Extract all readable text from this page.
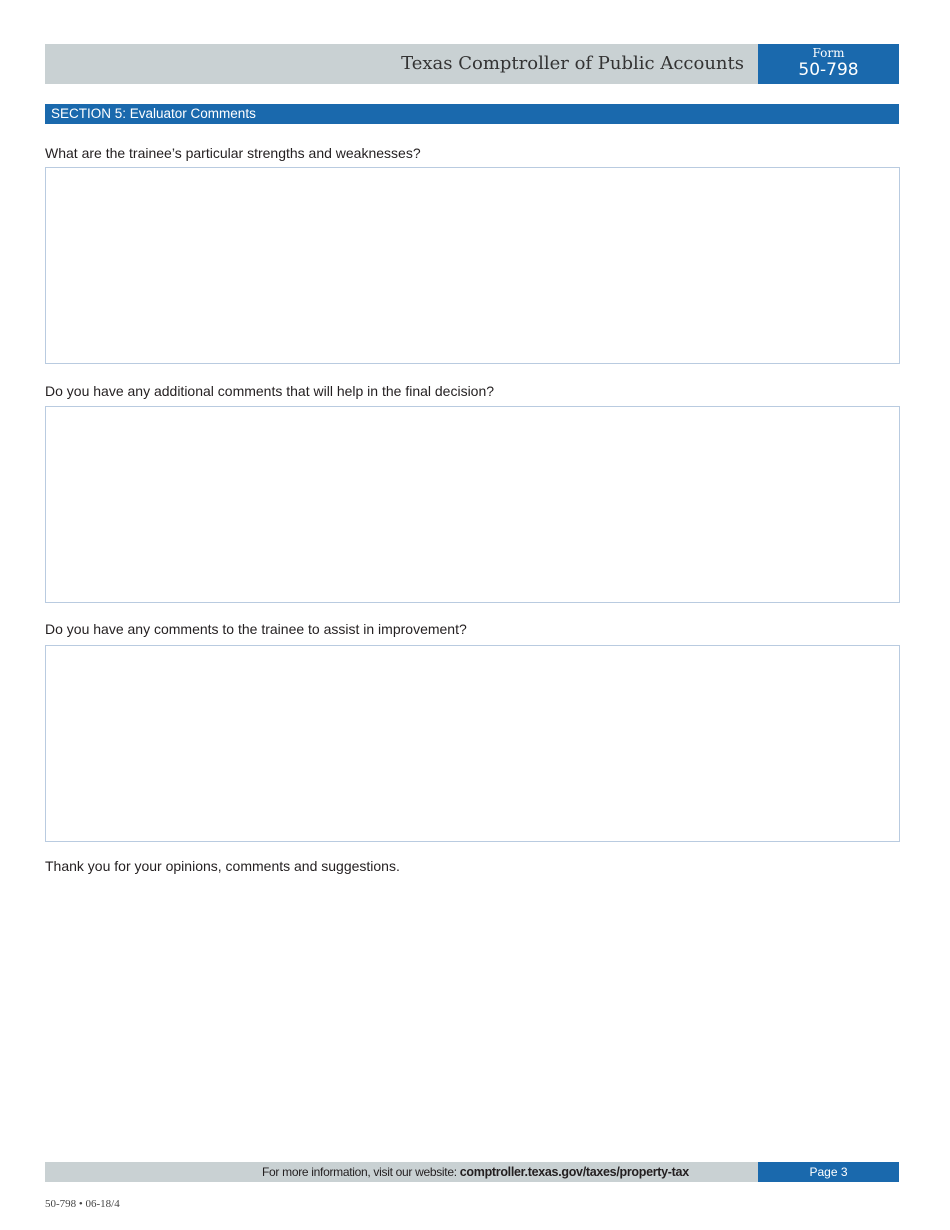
Texas Comptroller of Public Accounts	Form
50-798
SECTION 5: Evaluator Comments
What are the trainee’s particular strengths and weaknesses?
Do you have any additional comments that will help in the final decision?
Do you have any comments to the trainee to assist in improvement?
Thank you for your opinions, comments and suggestions.
For more information, visit our website: comptroller.texas.gov/taxes/property-tax	Page 3
50-798 • 06-18/4
